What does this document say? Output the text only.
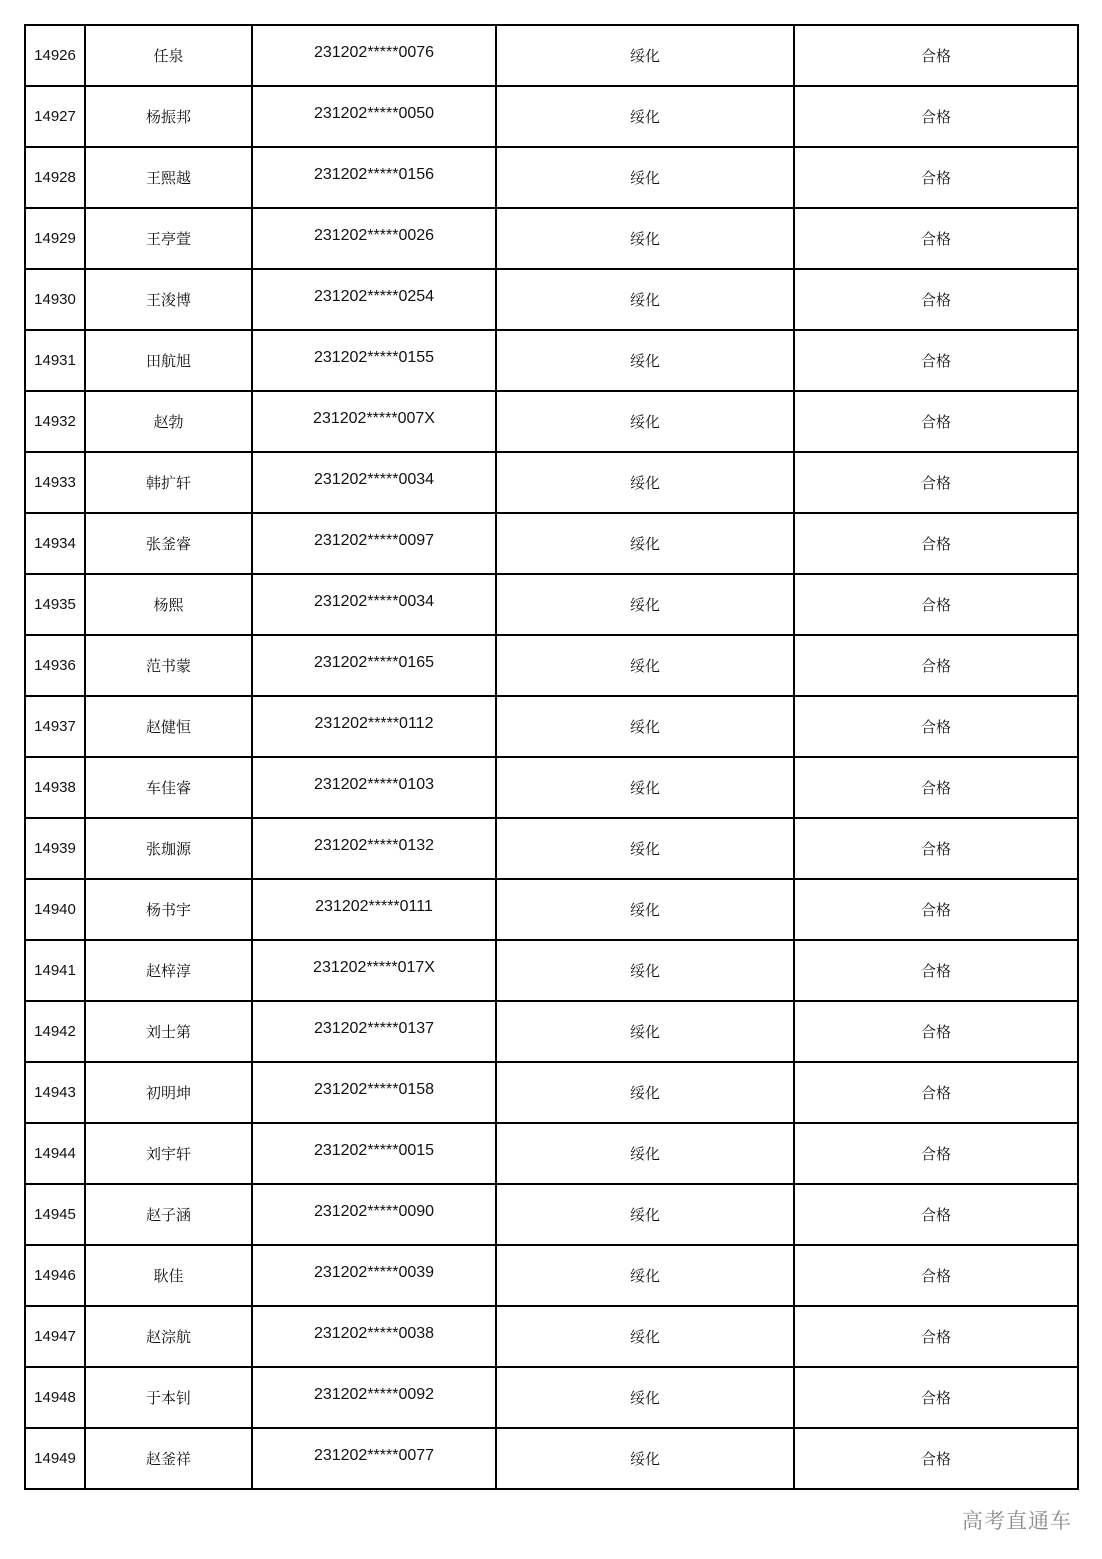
14926	任泉	231202*****0076	绥化	合格
14927	杨振邦	231202*****0050	绥化	合格
14928	王熙越	231202*****0156	绥化	合格
14929	王亭萱	231202*****0026	绥化	合格
14930	王浚博	231202*****0254	绥化	合格
14931	田航旭	231202*****0155	绥化	合格
14932	赵勃	231202*****007X	绥化	合格
14933	韩扩轩	231202*****0034	绥化	合格
14934	张釜睿	231202*****0097	绥化	合格
14935	杨熙	231202*****0034	绥化	合格
14936	范书蒙	231202*****0165	绥化	合格
14937	赵健恒	231202*****0112	绥化	合格
14938	车佳睿	231202*****0103	绥化	合格
14939	张珈源	231202*****0132	绥化	合格
14940	杨书宇	231202*****0111	绥化	合格
14941	赵梓淳	231202*****017X	绥化	合格
14942	刘士第	231202*****0137	绥化	合格
14943	初明坤	231202*****0158	绥化	合格
14944	刘宇轩	231202*****0015	绥化	合格
14945	赵子涵	231202*****0090	绥化	合格
14946	耿佳	231202*****0039	绥化	合格
14947	赵淙航	231202*****0038	绥化	合格
14948	于本钊	231202*****0092	绥化	合格
14949	赵釜祥	231202*****0077	绥化	合格
高考直通车
